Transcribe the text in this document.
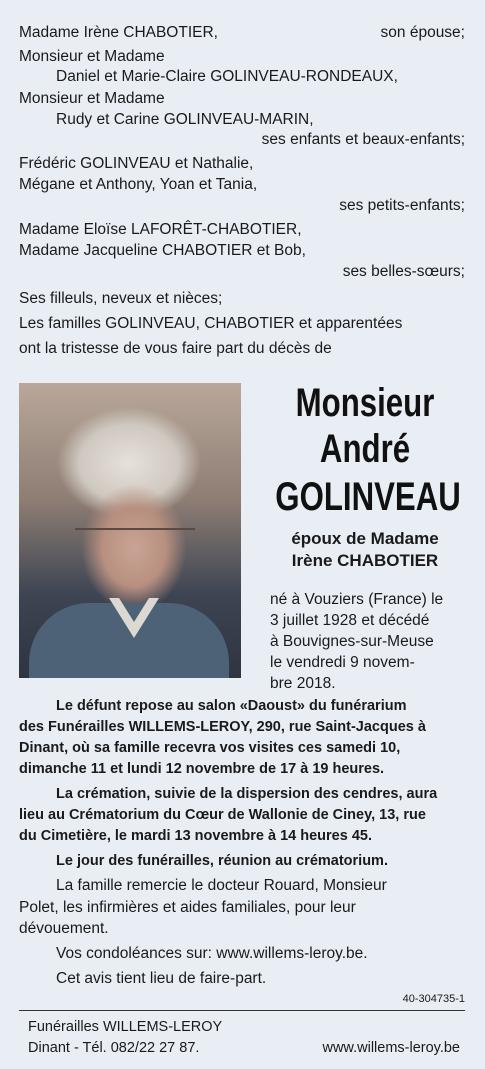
Madame Irène CHABOTIER,	son épouse;
Monsieur et Madame
Daniel et Marie-Claire GOLINVEAU-RONDEAUX,
Monsieur et Madame
Rudy et Carine GOLINVEAU-MARIN,
ses enfants et beaux-enfants;
Frédéric GOLINVEAU et Nathalie,
Mégane et Anthony, Yoan et Tania,
ses petits-enfants;
Madame Eloïse LAFORÊT-CHABOTIER,
Madame Jacqueline CHABOTIER et Bob,
ses belles-sœurs;
Ses filleuls, neveux et nièces;
Les familles GOLINVEAU, CHABOTIER et apparentées
ont la tristesse de vous faire part du décès de
Monsieur
André
GOLINVEAU
époux de Madame
Irène CHABOTIER
né à Vouziers (France) le
3 juillet 1928 et décédé
à Bouvignes-sur-Meuse
le vendredi 9 novem-
bre 2018.
Le défunt repose au salon «Daoust» du funérarium
des Funérailles WILLEMS-LEROY, 290, rue Saint-Jacques à
Dinant, où sa famille recevra vos visites ces samedi 10,
dimanche 11 et lundi 12 novembre de 17 à 19 heures.
La crémation, suivie de la dispersion des cendres, aura
lieu au Crématorium du Cœur de Wallonie de Ciney, 13, rue
du Cimetière, le mardi 13 novembre à 14 heures 45.
Le jour des funérailles, réunion au crématorium.
La famille remercie le docteur Rouard, Monsieur
Polet, les infirmières et aides familiales, pour leur
dévouement.
Vos condoléances sur: www.willems-leroy.be.
Cet avis tient lieu de faire-part.
40-304735-1
Funérailles WILLEMS-LEROY
Dinant - Tél. 082/22 27 87.	www.willems-leroy.be
